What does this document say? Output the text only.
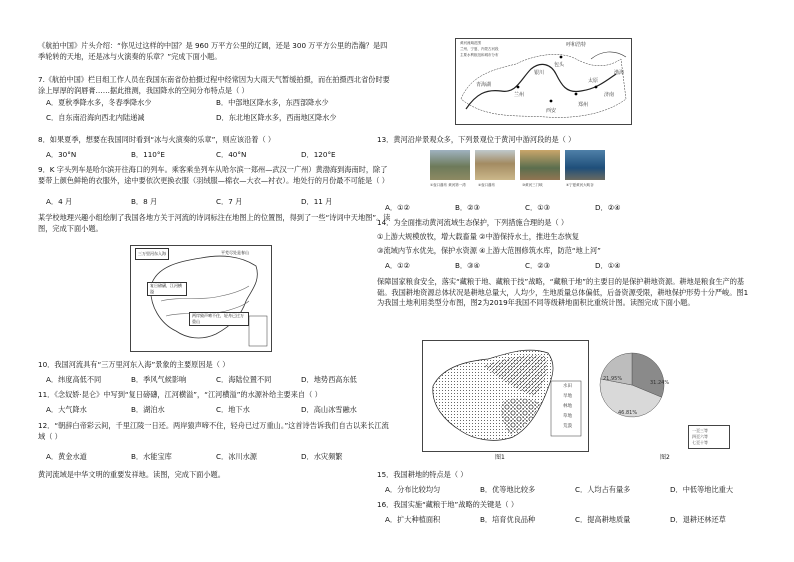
《航拍中国》片头介绍：“你见过这样的中国？是 960 万平方公里的辽阔，还是 300 万平方公里的浩瀚？是四季轮转的天地，还是冰与火演奏的乐章？”完成下面小题。
7.《航拍中国》栏目组工作人员在我国东南省份拍摄过程中经常因为大雨天气暂缓拍摄，而在拍摄西北省份时要涂上厚厚的润唇膏……据此推测，我国降水的空间分布特点是（ ）
A．夏秋季降水多，冬春季降水少	B．中部地区降水多，东西部降水少
C．自东南沿海向西北内陆递减	D．东北地区降水多，西南地区降水少
8．如果夏季，想要在我国同时看到“冰与火演奏的乐章”，则应该沿着（ ）
A．30°N	B．110°E	C．40°N	D．120°E
9．K 字头列车是哈尔滨开往海口的列车。乘客乘坐列车从哈尔滨一郑州—武汉一广州）黄渤海到海南时，除了要带上颜色鲜艳的衣服外，途中要依次更换衣服（羽绒服—棉衣—大衣—衬衣）。地处行的月份最不可能是（ ）
A．4 月	B．8 月	C．7 月	D．11 月
某学校地理兴趣小组绘制了我国各地方关于河流的诗词标注在地图上的位置图，得到了一些“诗词中天地图”。读图，完成下面小题。
三万里河东入海	平芜尽处是春山
复日磅礴，江河横溢
两岸猿声啼不住，轻舟已过万重山
10．我国河流具有“三万里河东入海”景象的主要原因是（ ）
A．纬度高低不同	B．季风气候影响	C．海陆位置不同	D．地势西高东低
11．《念奴娇·昆仑》中写到“复日磅礴，江河横溢”，“江河横溢”的水源补给主要来自（ ）
A．大气降水	B．湖泊水	C．地下水	D．高山冰雪融水
12．“朝辞白帝彩云间，千里江陵一日还。两岸猿声啼不住，轻舟已过万重山。”这首诗告诉我们自古以来长江流域（ ）
A．黄金水道	B．水能宝库	C．冰川水源	D．水灾频繁
黄河流域是中华文明的重要发祥地。读图，完成下面小题。
黄河流域范围
兰州、宁夏、内蒙古河段
主要水利枢纽和城市分布
呼和浩特
银川
包头
太原
兰州
郑州
西安
济南
渤海
青海湖
13．黄河沿岸景观众多，下列景观位于黄河中游河段的是（ ）
①壶口瀑布 黄河第一湾	②壶口瀑布	③黄河三门峡	④宁夏黄河大峡谷
A．①②	B．②③	C．①③	D．②④
14．为全面推动黄河流域生态保护，下列措施合理的是（ ）
①上游大规模放牧，增大载畜量 ②中游保持水土，推进生态恢复
③流域内节水优先，保护水资源 ④上游大范围修筑水库，防范“地上河”
A．①②	B．③④	C．②③	D．①④
保障国家粮食安全，落实“藏粮于地、藏粮于技”战略，“藏粮于地”的主要目的是保护耕地资源。耕地是粮食生产的基础。我国耕地资源总体状况是耕地总量大，人均少，生地质量总体偏低，后备资源受限，耕地保护形势十分严峻。图1为我国土地利用类型分布图，图2为2019年我国不同等级耕地面积比重统计图。读图完成下面小题。
水田
旱地
林地
草地
荒漠
图1
31.24%
46.81%
21.95%
一至三等
四至六等
七至十等
图2
15．我国耕地的特点是（ ）
A．分布比较均匀	B．优等地比较多	C．人均占有量多	D．中低等地比重大
16．我国实施“藏粮于地”战略的关键是（ ）
A．扩大种植面积	B．培育优良品种	C．提高耕地质量	D．退耕还林还草
